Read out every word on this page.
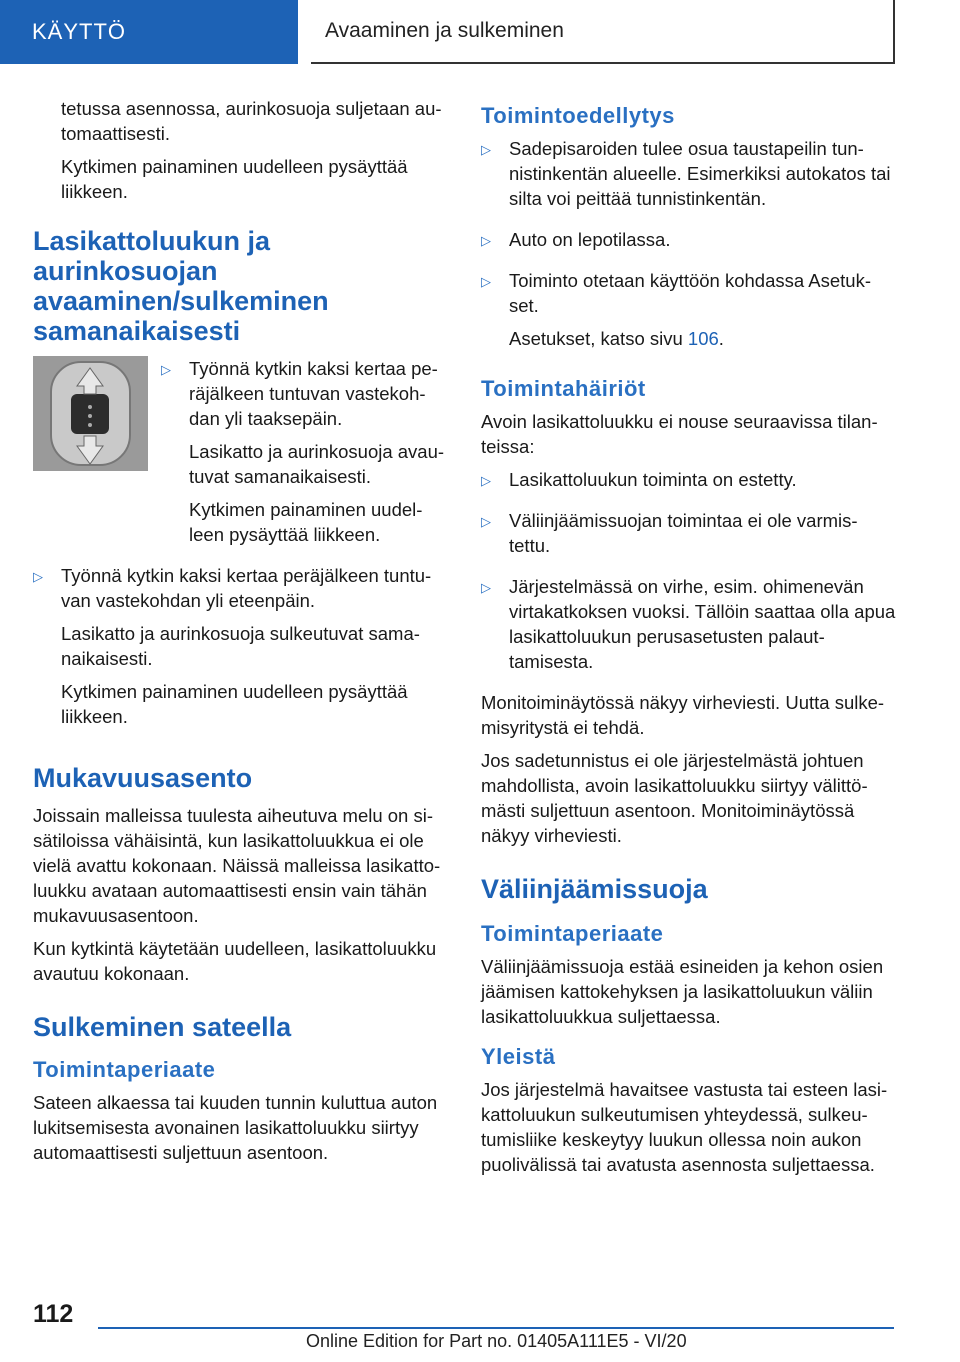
KÄYTTÖ	Avaaminen ja sulkeminen

tetussa asennossa, aurinkosuoja suljetaan au-tomaattisesti.

Kytkimen painaminen uudelleen pysäyttää liikkeen.

Lasikattoluukun ja aurinkosuojan avaaminen/sulkeminen samanaikaisesti
▷ Työnnä kytkin kaksi kertaa pe-räjälkeen tuntuvan vastekoh-dan yli taaksepäin.

Lasikatto ja aurinkosuoja avau-tuvat samanaikaisesti.

Kytkimen painaminen uudel-leen pysäyttää liikkeen.

▷ Työnnä kytkin kaksi kertaa peräjälkeen tuntu-van vastekohdan yli eteenpäin.

Lasikatto ja aurinkosuoja sulkeutuvat sama-naikaisesti.

Kytkimen painaminen uudelleen pysäyttää liikkeen.

Mukavuusasento

Joissain malleissa tuulesta aiheutuva melu on si-sätiloissa vähäisintä, kun lasikattoluukkua ei ole vielä avattu kokonaan. Näissä malleissa lasikatto-luukku avataan automaattisesti ensin vain tähän mukavuusasentoon.

Kun kytkintä käytetään uudelleen, lasikattoluukku avautuu kokonaan.

Sulkeminen sateella
Toimintaperiaate

Sateen alkaessa tai kuuden tunnin kuluttua auton lukitsemisesta avonainen lasikattoluukku siirtyy automaattisesti suljettuun asentoon.

Toimintoedellytys
▷ Sadepisaroiden tulee osua taustapeilin tun-nistinkentän alueelle. Esimerkiksi autokatos tai silta voi peittää tunnistinkentän.

▷ Auto on lepotilassa.

▷ Toiminto otetaan käyttöön kohdassa Asetuk-set.

Asetukset, katso sivu 106.

Toimintahäiriöt

Avoin lasikattoluukku ei nouse seuraavissa tilan-teissa:

▷ Lasikattoluukun toiminta on estetty.

▷ Väliinjäämissuojan toimintaa ei ole varmis-tettu.

▷ Järjestelmässä on virhe, esim. ohimenevän virtakatkoksen vuoksi. Tällöin saattaa olla apua lasikattoluukun perusasetusten palaut-tamisesta.

Monitoiminäytössä näkyy virheviesti. Uutta sulke-misyritystä ei tehdä.

Jos sadetunnistus ei ole järjestelmästä johtuen mahdollista, avoin lasikattoluukku siirtyy välittö-mästi suljettuun asentoon. Monitoiminäytössä näkyy virheviesti.

Väliinjäämissuoja
Toimintaperiaate

Väliinjäämissuoja estää esineiden ja kehon osien jäämisen kattokehyksen ja lasikattoluukun väliin lasikattoluukkua suljettaessa.

Yleistä

Jos järjestelmä havaitsee vastusta tai esteen lasi-kattoluukun sulkeutumisen yhteydessä, sulkeu-tumisliike keskeytyy luukun ollessa noin aukon puolivälissä tai avatusta asennosta suljettaessa.

112
Online Edition for Part no. 01405A111E5 - VI/20
